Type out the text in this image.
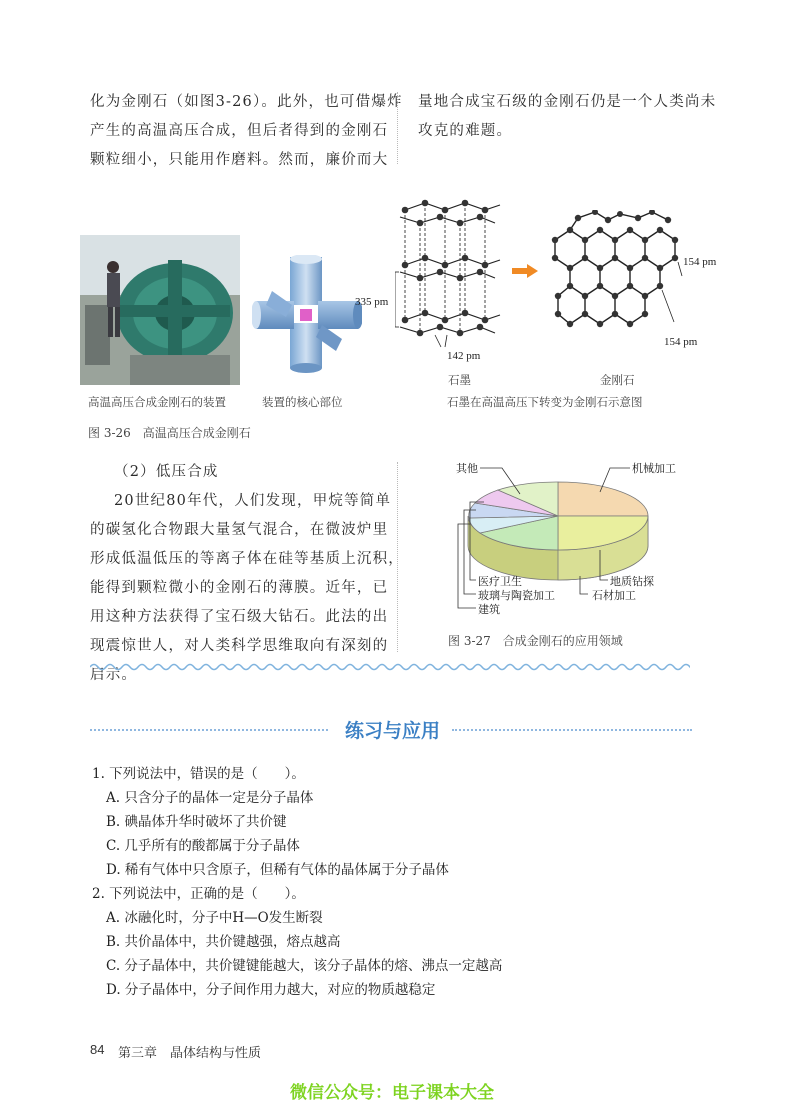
化为金刚石（如图3-26）。此外，也可借爆炸
产生的高温高压合成，但后者得到的金刚石
颗粒细小，只能用作磨料。然而，廉价而大
量地合成宝石级的金刚石仍是一个人类尚未
攻克的难题。
335 pm
142 pm
154 pm
154 pm
石墨	金刚石
高温高压合成金刚石的装置	装置的核心部位	石墨在高温高压下转变为金刚石示意图
图 3-26　高温高压合成金刚石
（2）低压合成
20世纪80年代，人们发现，甲烷等简单
的碳氢化合物跟大量氢气混合，在微波炉里
形成低温低压的等离子体在硅等基质上沉积，
能得到颗粒微小的金刚石的薄膜。近年，已
用这种方法获得了宝石级大钻石。此法的出
现震惊世人，对人类科学思维取向有深刻的
启示。
其他	机械加工
医疗卫生
玻璃与陶瓷加工
建筑
地质钻探
石材加工
图 3-27　合成金刚石的应用领域
练习与应用
1. 下列说法中，错误的是（　　）。
A. 只含分子的晶体一定是分子晶体
B. 碘晶体升华时破坏了共价键
C. 几乎所有的酸都属于分子晶体
D. 稀有气体中只含原子，但稀有气体的晶体属于分子晶体
2. 下列说法中，正确的是（　　）。
A. 冰融化时，分子中H—O发生断裂
B. 共价晶体中，共价键越强，熔点越高
C. 分子晶体中，共价键键能越大，该分子晶体的熔、沸点一定越高
D. 分子晶体中，分子间作用力越大，对应的物质越稳定
84 第三章　晶体结构与性质
微信公众号：电子课本大全
